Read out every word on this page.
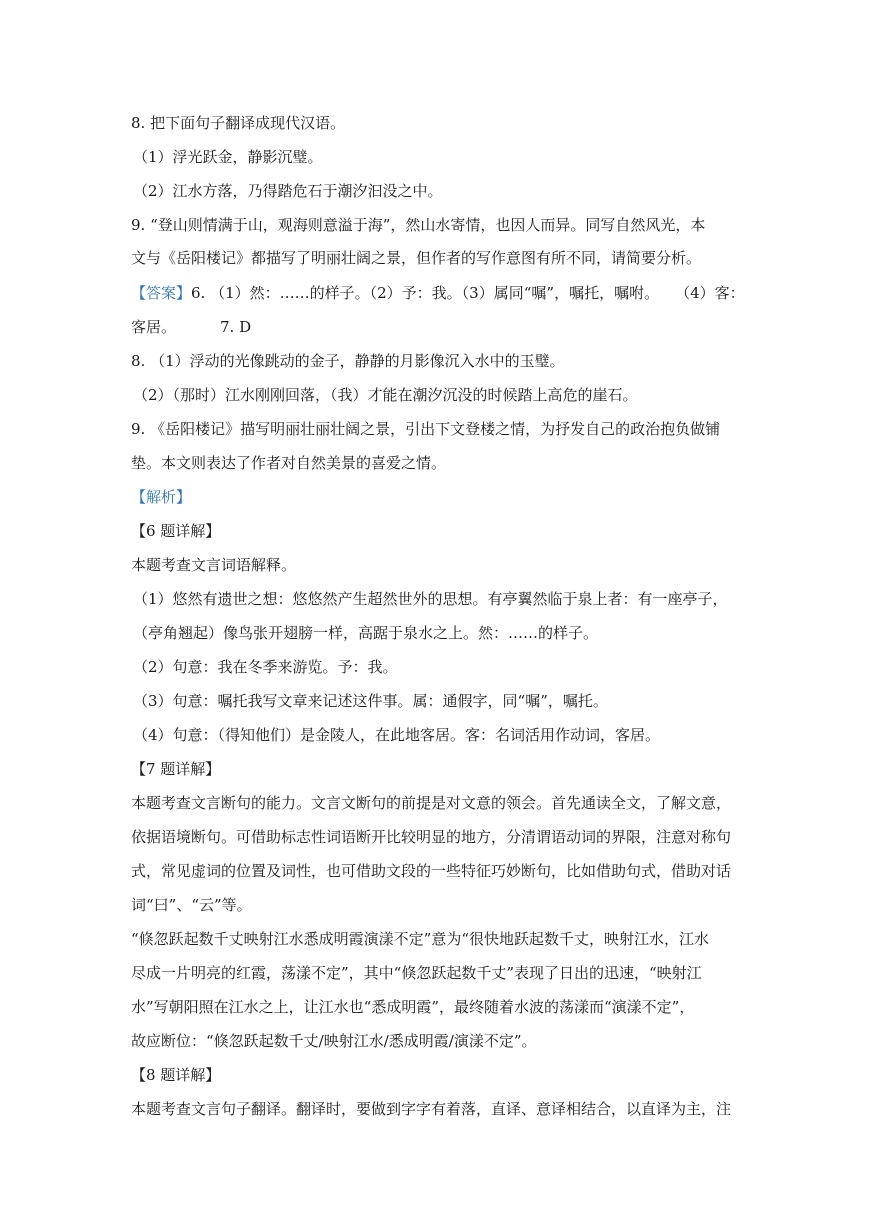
8. 把下面句子翻译成现代汉语。
（1）浮光跃金，静影沉璧。
（2）江水方落，乃得踏危石于潮汐汩没之中。
9. “登山则情满于山，观海则意溢于海”，然山水寄情，也因人而异。同写自然风光，本
文与《岳阳楼记》都描写了明丽壮阔之景，但作者的写作意图有所不同，请简要分析。
【答案】6. （1）然：……的样子。（2）予：我。（3）属同“嘱”，嘱托，嘱咐。 （4）客：
客居。	7. D
8. （1）浮动的光像跳动的金子，静静的月影像沉入水中的玉璧。
（2）（那时）江水刚刚回落，（我）才能在潮汐沉没的时候踏上高危的崖石。
9. 《岳阳楼记》描写明丽壮丽壮阔之景，引出下文登楼之情，为抒发自己的政治抱负做铺
垫。本文则表达了作者对自然美景的喜爱之情。
【解析】
【6 题详解】
本题考查文言词语解释。
（1）悠然有遗世之想：悠悠然产生超然世外的思想。有亭翼然临于泉上者：有一座亭子，
（亭角翘起）像鸟张开翅膀一样，高踞于泉水之上。然：……的样子。
（2）句意：我在冬季来游览。予：我。
（3）句意：嘱托我写文章来记述这件事。属：通假字，同“嘱”，嘱托。
（4）句意：（得知他们）是金陵人，在此地客居。客：名词活用作动词，客居。
【7 题详解】
本题考查文言断句的能力。文言文断句的前提是对文意的领会。首先通读全文，了解文意，
依据语境断句。可借助标志性词语断开比较明显的地方，分清谓语动词的界限，注意对称句
式，常见虚词的位置及词性，也可借助文段的一些特征巧妙断句，比如借助句式，借助对话
词“曰”、“云”等。
“倏忽跃起数千丈映射江水悉成明霞演漾不定”意为“很快地跃起数千丈，映射江水，江水
尽成一片明亮的红霞，荡漾不定”，其中“倏忽跃起数千丈”表现了日出的迅速，“映射江
水”写朝阳照在江水之上，让江水也“悉成明霞”，最终随着水波的荡漾而“演漾不定”，
故应断位：“倏忽跃起数千丈/映射江水/悉成明霞/演漾不定”。
【8 题详解】
本题考查文言句子翻译。翻译时，要做到字字有着落，直译、意译相结合，以直译为主，注
